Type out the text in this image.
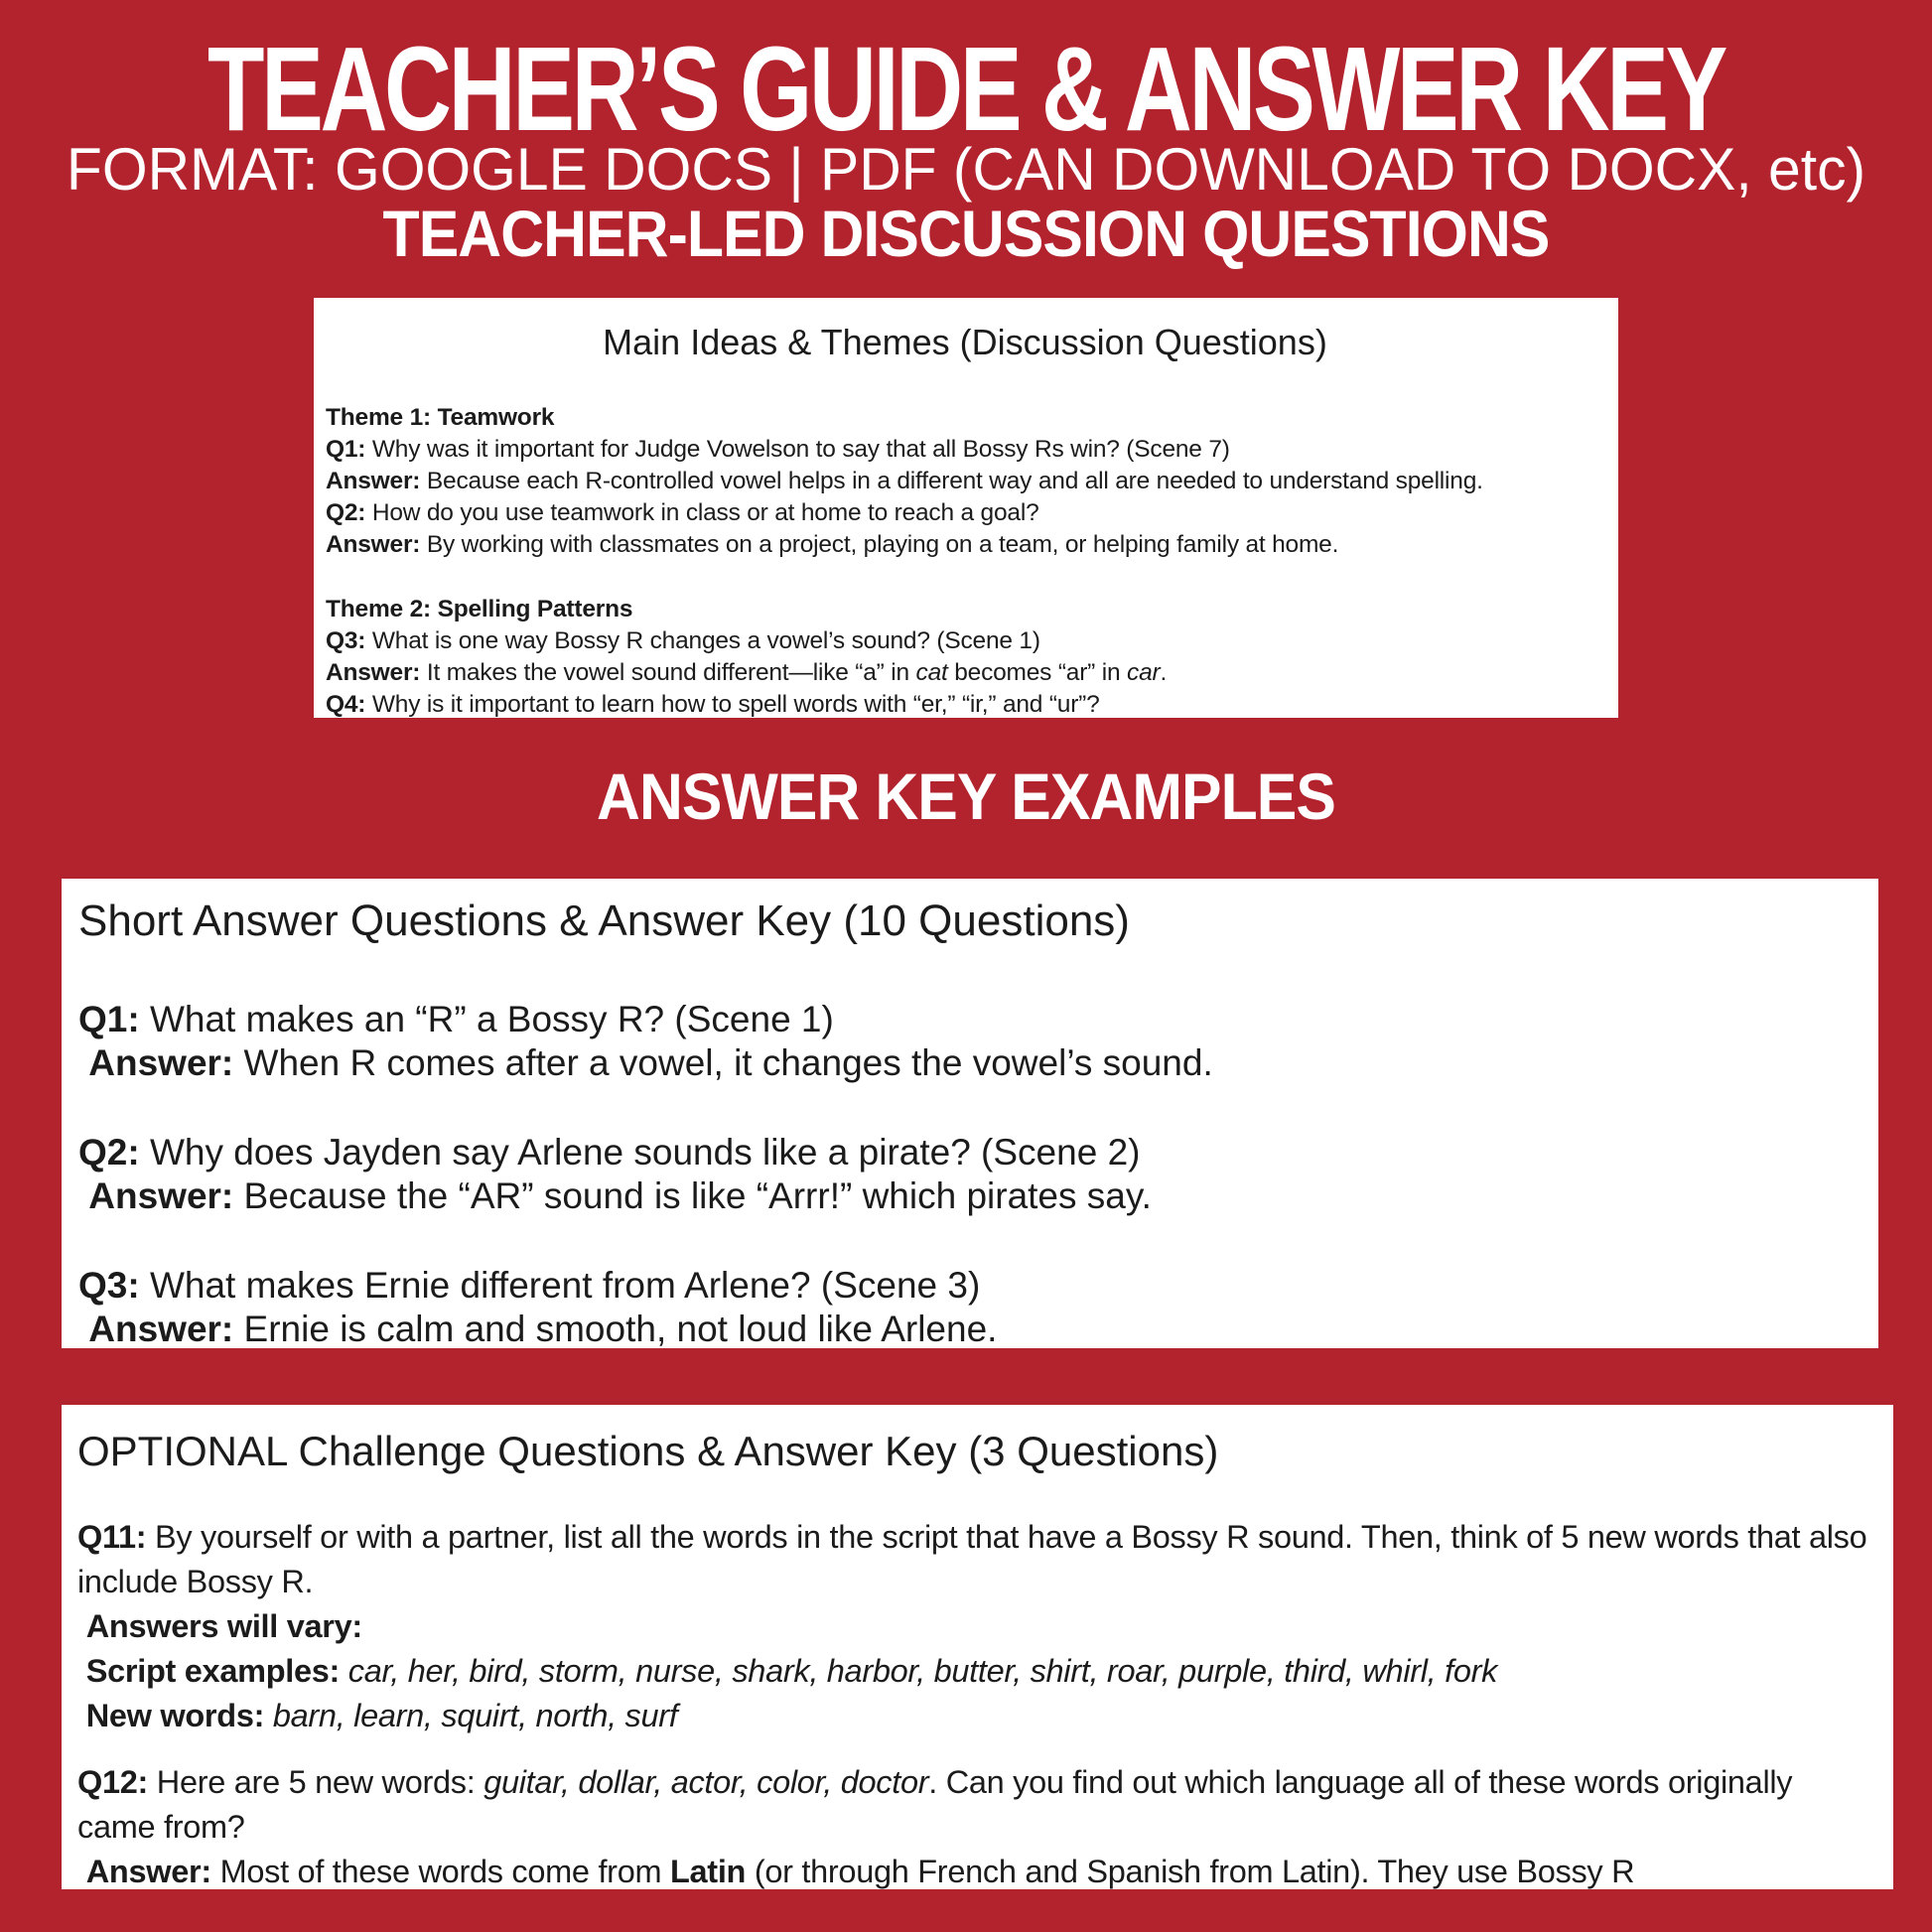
TEACHER’S GUIDE & ANSWER KEY
FORMAT: GOOGLE DOCS | PDF (CAN DOWNLOAD TO DOCX, etc)
TEACHER-LED DISCUSSION QUESTIONS
Main Ideas & Themes (Discussion Questions)

Theme 1: Teamwork

Q1: Why was it important for Judge Vowelson to say that all Bossy Rs win? (Scene 7)

Answer: Because each R-controlled vowel helps in a different way and all are needed to understand spelling.

Q2: How do you use teamwork in class or at home to reach a goal?

Answer: By working with classmates on a project, playing on a team, or helping family at home.

Theme 2: Spelling Patterns

Q3: What is one way Bossy R changes a vowel’s sound? (Scene 1)

Answer: It makes the vowel sound different—like “a” in cat becomes “ar” in car.

Q4: Why is it important to learn how to spell words with “er,” “ir,” and “ur”?

ANSWER KEY EXAMPLES
Short Answer Questions & Answer Key (10 Questions)

Q1: What makes an “R” a Bossy R? (Scene 1)

Answer: When R comes after a vowel, it changes the vowel’s sound.

Q2: Why does Jayden say Arlene sounds like a pirate? (Scene 2)

Answer: Because the “AR” sound is like “Arrr!” which pirates say.

Q3: What makes Ernie different from Arlene? (Scene 3)

Answer: Ernie is calm and smooth, not loud like Arlene.

OPTIONAL Challenge Questions & Answer Key (3 Questions)

Q11: By yourself or with a partner, list all the words in the script that have a Bossy R sound. Then, think of 5 new words that also include Bossy R.

Answers will vary:

Script examples: car, her, bird, storm, nurse, shark, harbor, butter, shirt, roar, purple, third, whirl, fork

New words: barn, learn, squirt, north, surf

Q12: Here are 5 new words: guitar, dollar, actor, color, doctor. Can you find out which language all of these words originally came from?

Answer: Most of these words come from Latin (or through French and Spanish from Latin). They use Bossy R
